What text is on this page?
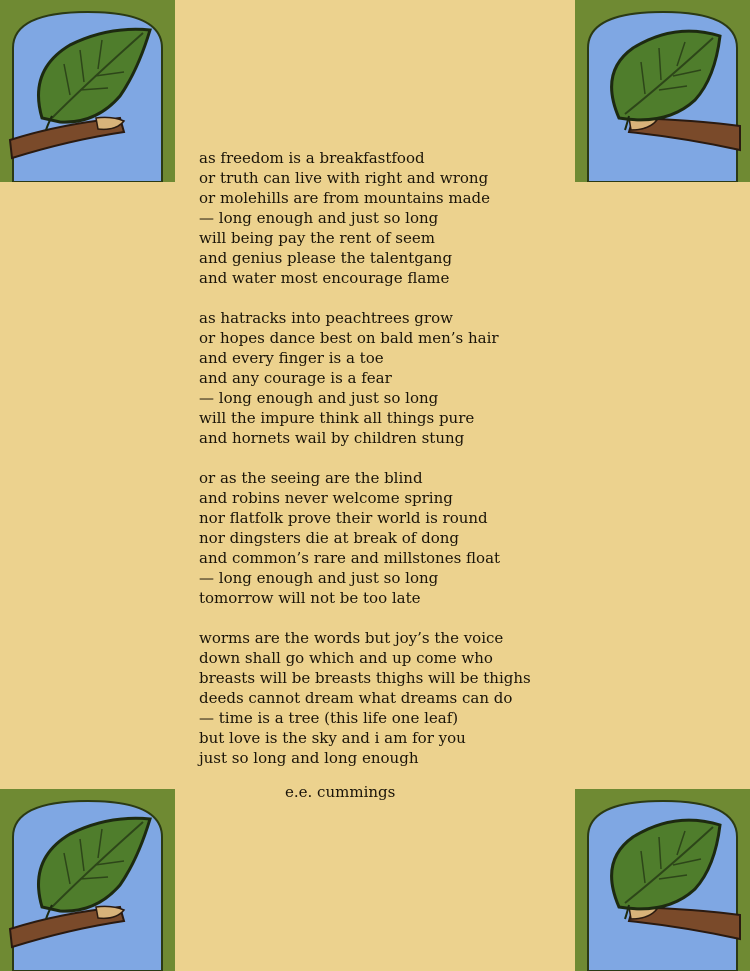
as freedom is a breakfastfood
or truth can live with right and wrong
or molehills are from mountains made
— long enough and just so long
will being pay the rent of seem
and genius please the talentgang
and water most encourage flame
as hatracks into peachtrees grow
or hopes dance best on bald men’s hair
and every finger is a toe
and any courage is a fear
— long enough and just so long
will the impure think all things pure
and hornets wail by children stung
or as the seeing are the blind
and robins never welcome spring
nor flatfolk prove their world is round
nor dingsters die at break of dong
and common’s rare and millstones float
— long enough and just so long
tomorrow will not be too late
worms are the words but joy’s the voice
down shall go which and up come who
breasts will be breasts thighs will be thighs
deeds cannot dream what dreams can do
— time is a tree (this life one leaf)
but love is the sky and i am for you
just so long and long enough
e.e. cummings
